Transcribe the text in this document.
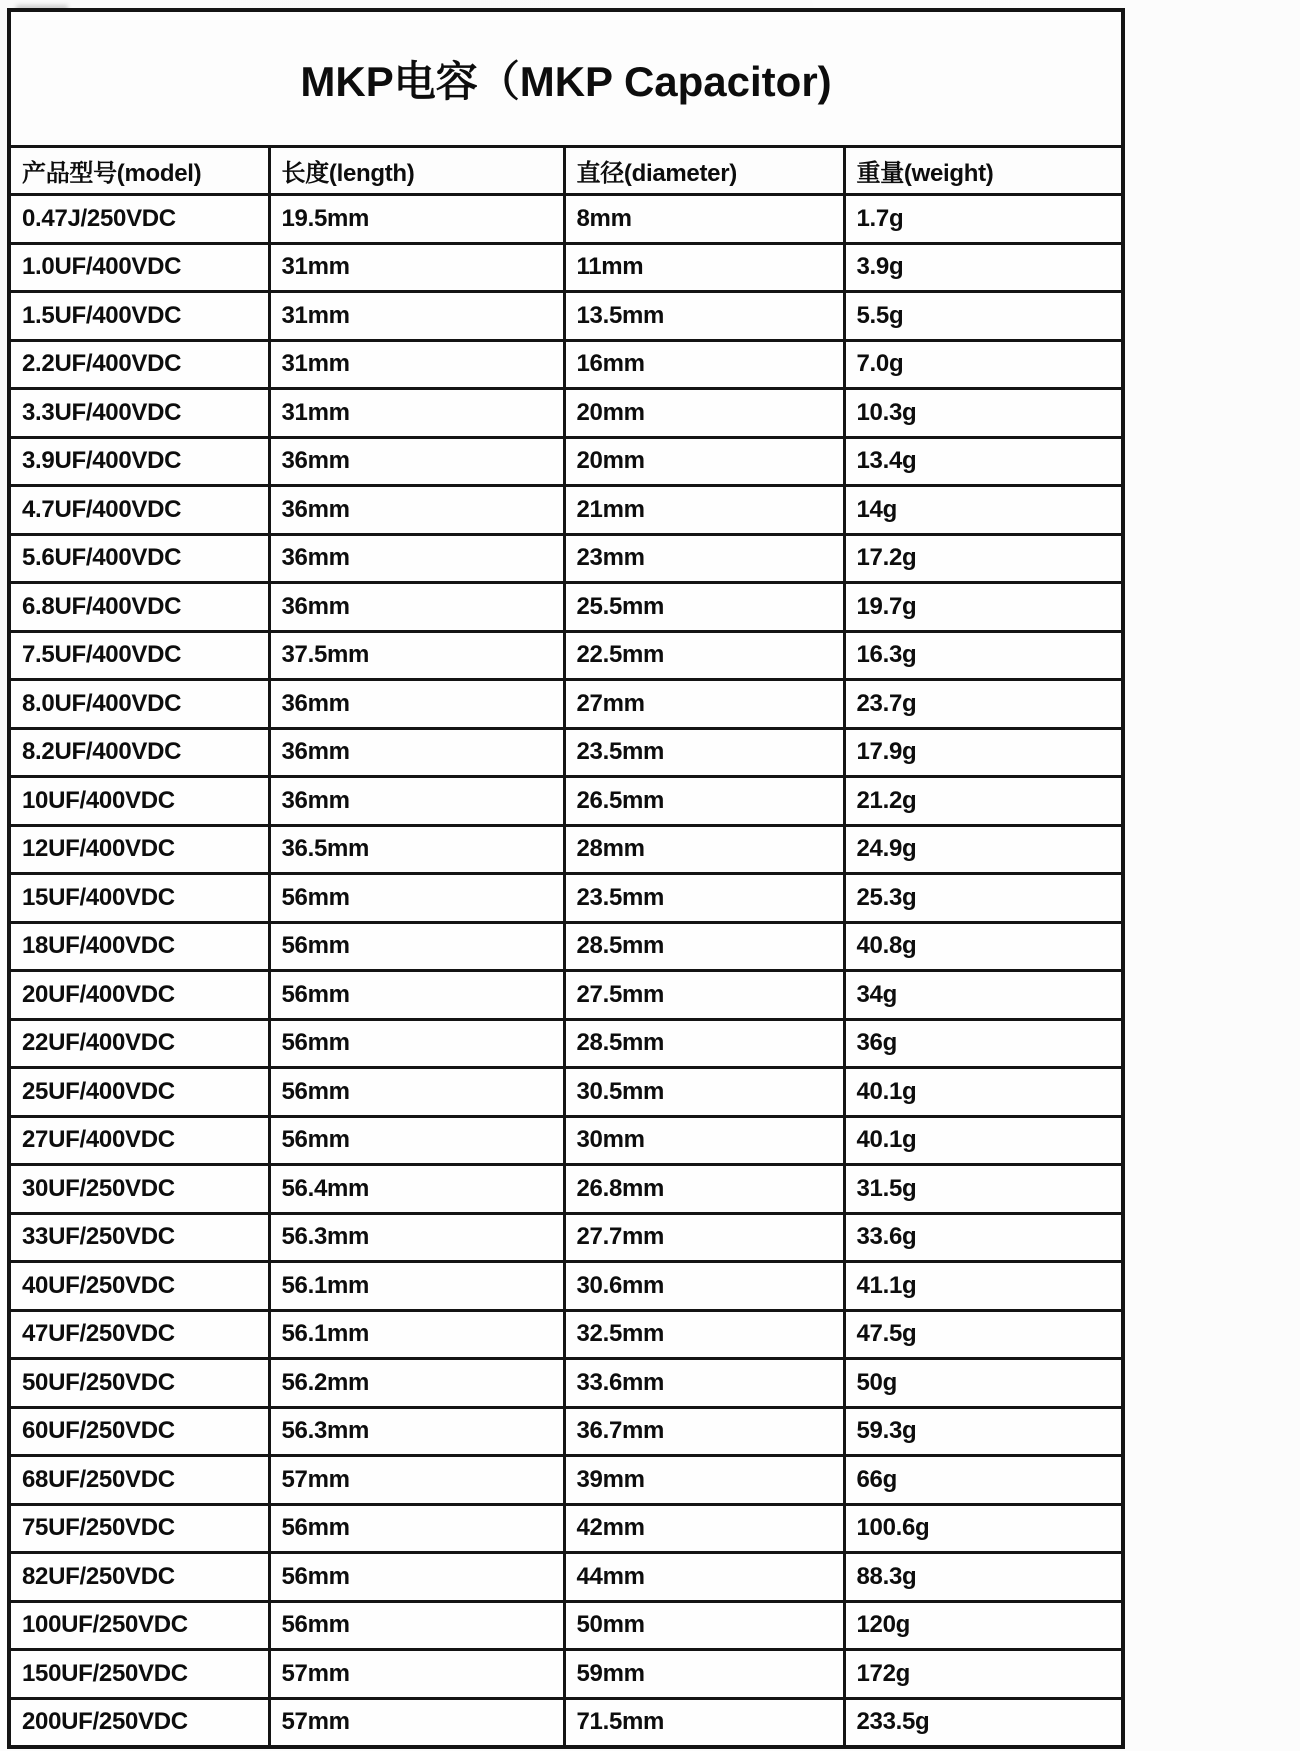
MKP电容（MKP Capacitor)			
产品型号(model)	长度(length)	直径(diameter)	重量(weight)
0.47J/250VDC	19.5mm	8mm	1.7g
1.0UF/400VDC	31mm	11mm	3.9g
1.5UF/400VDC	31mm	13.5mm	5.5g
2.2UF/400VDC	31mm	16mm	7.0g
3.3UF/400VDC	31mm	20mm	10.3g
3.9UF/400VDC	36mm	20mm	13.4g
4.7UF/400VDC	36mm	21mm	14g
5.6UF/400VDC	36mm	23mm	17.2g
6.8UF/400VDC	36mm	25.5mm	19.7g
7.5UF/400VDC	37.5mm	22.5mm	16.3g
8.0UF/400VDC	36mm	27mm	23.7g
8.2UF/400VDC	36mm	23.5mm	17.9g
10UF/400VDC	36mm	26.5mm	21.2g
12UF/400VDC	36.5mm	28mm	24.9g
15UF/400VDC	56mm	23.5mm	25.3g
18UF/400VDC	56mm	28.5mm	40.8g
20UF/400VDC	56mm	27.5mm	34g
22UF/400VDC	56mm	28.5mm	36g
25UF/400VDC	56mm	30.5mm	40.1g
27UF/400VDC	56mm	30mm	40.1g
30UF/250VDC	56.4mm	26.8mm	31.5g
33UF/250VDC	56.3mm	27.7mm	33.6g
40UF/250VDC	56.1mm	30.6mm	41.1g
47UF/250VDC	56.1mm	32.5mm	47.5g
50UF/250VDC	56.2mm	33.6mm	50g
60UF/250VDC	56.3mm	36.7mm	59.3g
68UF/250VDC	57mm	39mm	66g
75UF/250VDC	56mm	42mm	100.6g
82UF/250VDC	56mm	44mm	88.3g
100UF/250VDC	56mm	50mm	120g
150UF/250VDC	57mm	59mm	172g
200UF/250VDC	57mm	71.5mm	233.5g
